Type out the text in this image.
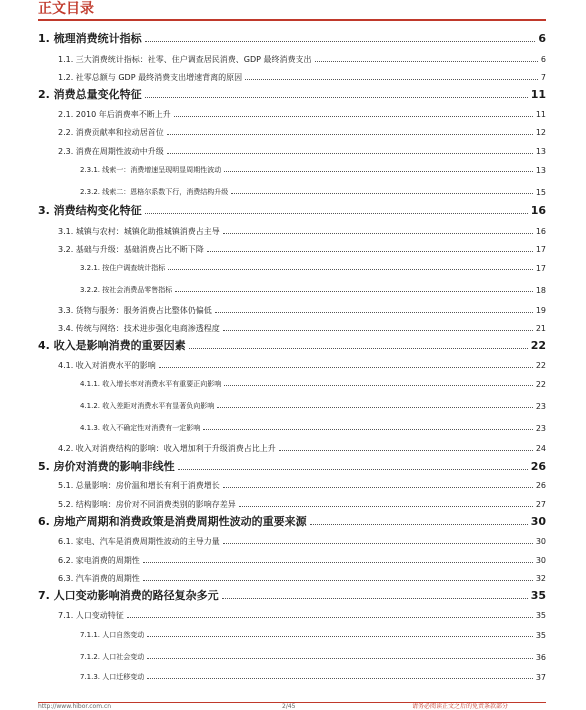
正文目录
1. 梳理消费统计指标	6
1.1. 三大消费统计指标：社零、住户调查居民消费、GDP 最终消费支出	6
1.2. 社零总额与 GDP 最终消费支出增速背离的原因	7
2. 消费总量变化特征	11
2.1. 2010 年后消费率不断上升	11
2.2. 消费贡献率和拉动居首位	12
2.3. 消费在周期性波动中升级	13
2.3.1. 线索一：消费增速呈现明显周期性波动	13
2.3.2. 线索二：恩格尔系数下行，消费结构升级	15
3. 消费结构变化特征	16
3.1. 城镇与农村：城镇化助推城镇消费占主导	16
3.2. 基础与升级：基础消费占比不断下降	17
3.2.1. 按住户调查统计指标	17
3.2.2. 按社会消费品零售指标	18
3.3. 货物与服务：服务消费占比整体仍偏低	19
3.4. 传统与网络：技术进步强化电商渗透程度	21
4. 收入是影响消费的重要因素	22
4.1. 收入对消费水平的影响	22
4.1.1. 收入增长率对消费水平有重要正向影响	22
4.1.2. 收入差距对消费水平有显著负向影响	23
4.1.3. 收入不确定性对消费有一定影响	23
4.2. 收入对消费结构的影响：收入增加利于升级消费占比上升	24
5. 房价对消费的影响非线性	26
5.1. 总量影响：房价温和增长有利于消费增长	26
5.2. 结构影响：房价对不同消费类别的影响存差异	27
6. 房地产周期和消费政策是消费周期性波动的重要来源	30
6.1. 家电、汽车是消费周期性波动的主导力量	30
6.2. 家电消费的周期性	30
6.3. 汽车消费的周期性	32
7. 人口变动影响消费的路径复杂多元	35
7.1. 人口变动特征	35
7.1.1. 人口自然变动	35
7.1.2. 人口社会变动	36
7.1.3. 人口迁移变动	37
http://www.hibor.com.cn	2/45	请务必阅读正文之后的免责条款部分
